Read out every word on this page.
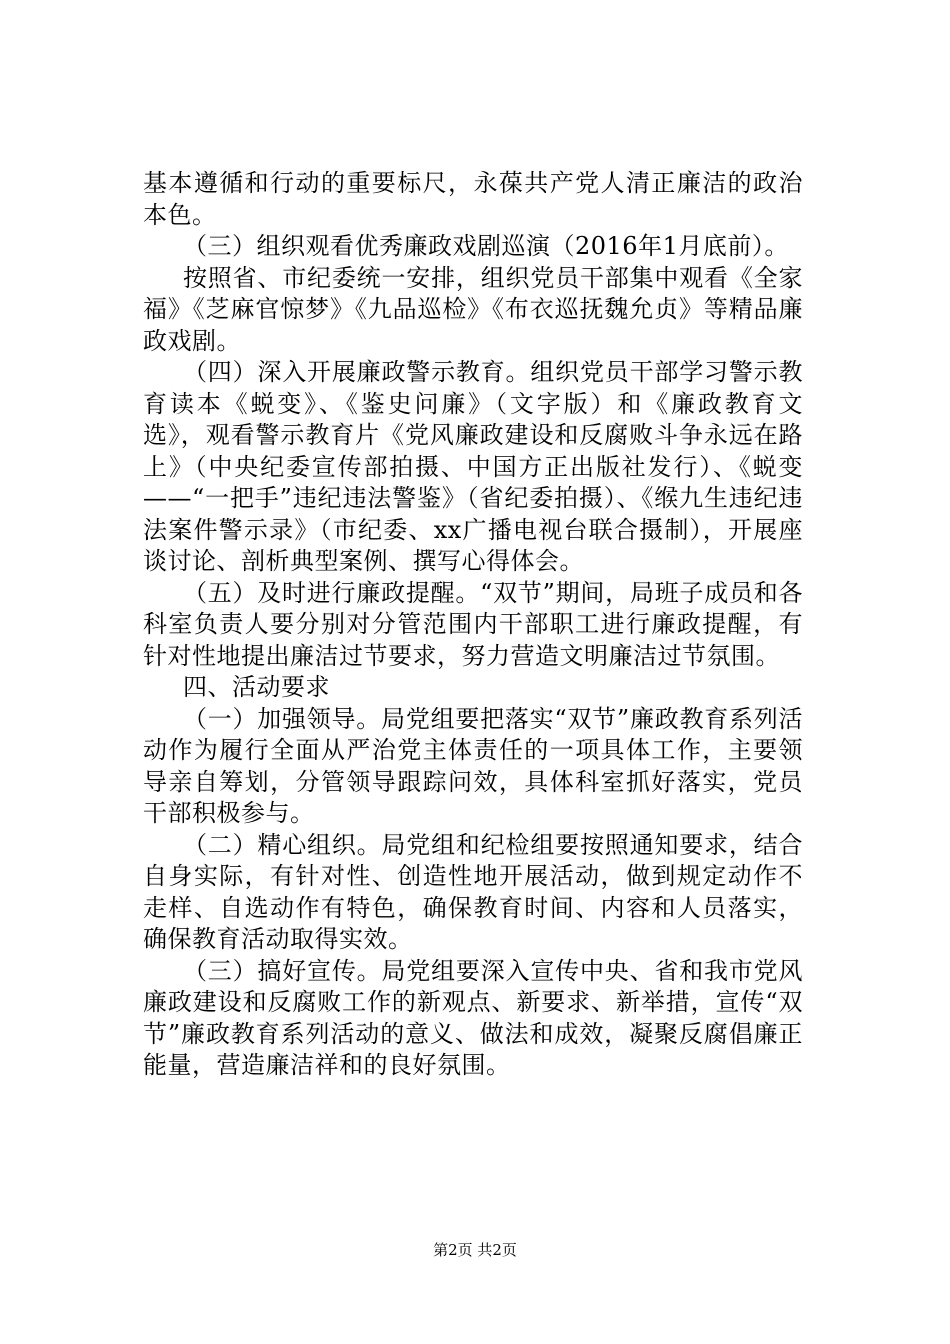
基本遵循和行动的重要标尺，永葆共产党人清正廉洁的政治本色。

（三）组织观看优秀廉政戏剧巡演（2016年1月底前）。

按照省、市纪委统一安排，组织党员干部集中观看《全家福》《芝麻官惊梦》《九品巡检》《布衣巡抚魏允贞》等精品廉政戏剧。

（四）深入开展廉政警示教育。组织党员干部学习警示教育读本《蜕变》、《鉴史问廉》（文字版）和《廉政教育文选》，观看警示教育片《党风廉政建设和反腐败斗争永远在路上》（中央纪委宣传部拍摄、中国方正出版社发行）、《蜕变——“一把手”违纪违法警鉴》（省纪委拍摄）、《缑九生违纪违法案件警示录》（市纪委、xx广播电视台联合摄制），开展座谈讨论、剖析典型案例、撰写心得体会。

（五）及时进行廉政提醒。“双节”期间，局班子成员和各科室负责人要分别对分管范围内干部职工进行廉政提醒，有针对性地提出廉洁过节要求，努力营造文明廉洁过节氛围。

四、活动要求

（一）加强领导。局党组要把落实“双节”廉政教育系列活动作为履行全面从严治党主体责任的一项具体工作，主要领导亲自筹划，分管领导跟踪问效，具体科室抓好落实，党员干部积极参与。

（二）精心组织。局党组和纪检组要按照通知要求，结合自身实际，有针对性、创造性地开展活动，做到规定动作不走样、自选动作有特色，确保教育时间、内容和人员落实，确保教育活动取得实效。

（三）搞好宣传。局党组要深入宣传中央、省和我市党风廉政建设和反腐败工作的新观点、新要求、新举措，宣传“双节”廉政教育系列活动的意义、做法和成效，凝聚反腐倡廉正能量，营造廉洁祥和的良好氛围。

第2页 共2页
